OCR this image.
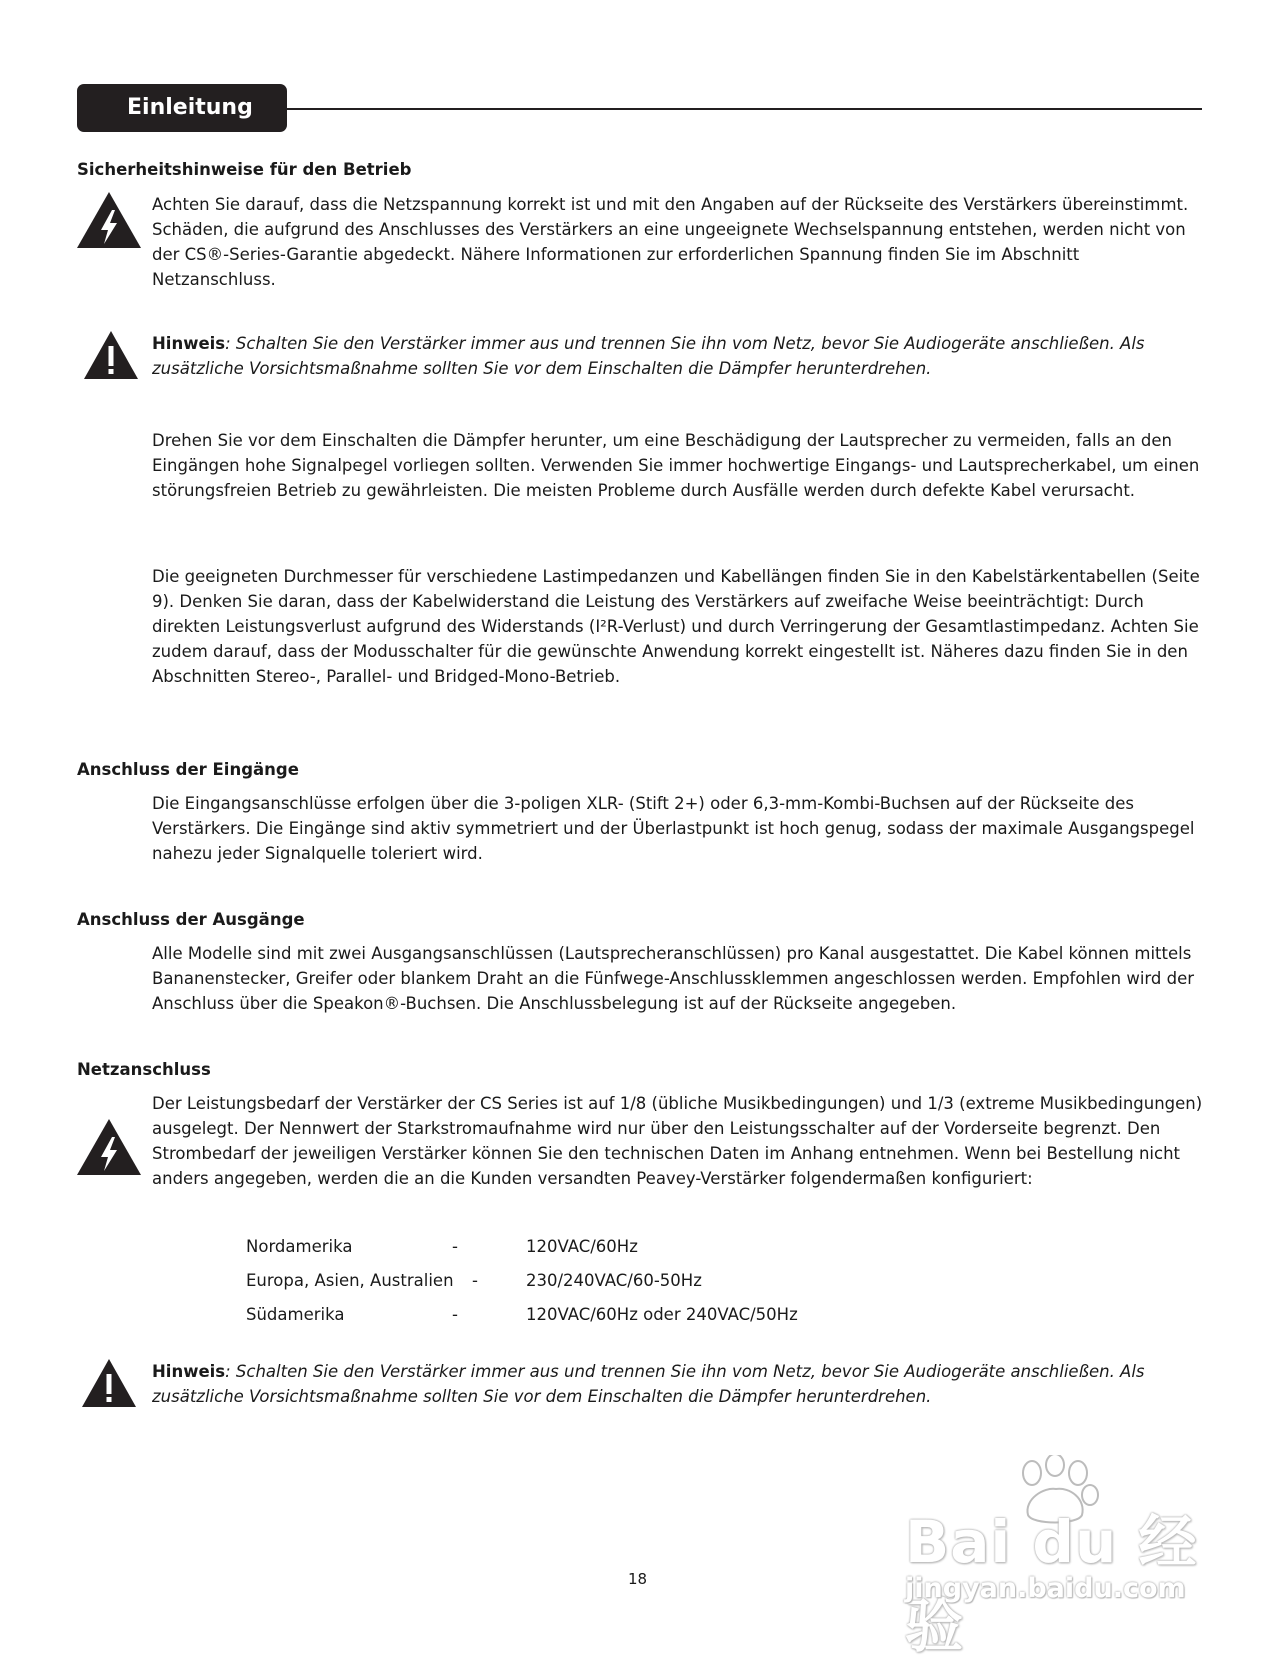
Einleitung
Sicherheitshinweise für den Betrieb

Achten Sie darauf, dass die Netzspannung korrekt ist und mit den Angaben auf der Rückseite des Verstärkers übereinstimmt. Schäden, die aufgrund des Anschlusses des Verstärkers an eine ungeeignete Wechselspannung entstehen, werden nicht von der CS®-Series-Garantie abgedeckt. Nähere Informationen zur erforderlichen Spannung finden Sie im Abschnitt Netzanschluss.

Hinweis: Schalten Sie den Verstärker immer aus und trennen Sie ihn vom Netz, bevor Sie Audiogeräte anschließen. Als zusätzliche Vorsichtsmaßnahme sollten Sie vor dem Einschalten die Dämpfer herunterdrehen.

Drehen Sie vor dem Einschalten die Dämpfer herunter, um eine Beschädigung der Lautsprecher zu vermeiden, falls an den Eingängen hohe Signalpegel vorliegen sollten. Verwenden Sie immer hochwertige Eingangs- und Lautsprecherkabel, um einen störungsfreien Betrieb zu gewährleisten. Die meisten Probleme durch Ausfälle werden durch defekte Kabel verursacht.

Die geeigneten Durchmesser für verschiedene Lastimpedanzen und Kabellängen finden Sie in den Kabelstärkentabellen (Seite 9). Denken Sie daran, dass der Kabelwiderstand die Leistung des Verstärkers auf zweifache Weise beeinträchtigt: Durch direkten Leistungsverlust aufgrund des Widerstands (I²R-Verlust) und durch Verringerung der Gesamtlastimpedanz. Achten Sie zudem darauf, dass der Modusschalter für die gewünschte Anwendung korrekt eingestellt ist. Näheres dazu finden Sie in den Abschnitten Stereo-, Parallel- und Bridged-Mono-Betrieb.

Anschluss der Eingänge

Die Eingangsanschlüsse erfolgen über die 3-poligen XLR- (Stift 2+) oder 6,3-mm-Kombi-Buchsen auf der Rückseite des Verstärkers. Die Eingänge sind aktiv symmetriert und der Überlastpunkt ist hoch genug, sodass der maximale Ausgangspegel nahezu jeder Signalquelle toleriert wird.

Anschluss der Ausgänge

Alle Modelle sind mit zwei Ausgangsanschlüssen (Lautsprecheranschlüssen) pro Kanal ausgestattet. Die Kabel können mittels Bananenstecker, Greifer oder blankem Draht an die Fünfwege-Anschlussklemmen angeschlossen werden. Empfohlen wird der Anschluss über die Speakon®-Buchsen. Die Anschlussbelegung ist auf der Rückseite angegeben.

Netzanschluss

Der Leistungsbedarf der Verstärker der CS Series ist auf 1/8 (übliche Musikbedingungen) und 1/3 (extreme Musikbedingungen) ausgelegt. Der Nennwert der Starkstromaufnahme wird nur über den Leistungsschalter auf der Vorderseite begrenzt. Den Strombedarf der jeweiligen Verstärker können Sie den technischen Daten im Anhang entnehmen. Wenn bei Bestellung nicht anders angegeben, werden die an die Kunden versandten Peavey-Verstärker folgendermaßen konfiguriert:

Nordamerika	-	120VAC/60Hz
Europa, Asien, Australien -	230/240VAC/60-50Hz
Südamerika	-	120VAC/60Hz oder 240VAC/50Hz

Hinweis: Schalten Sie den Verstärker immer aus und trennen Sie ihn vom Netz, bevor Sie Audiogeräte anschließen. Als zusätzliche Vorsichtsmaßnahme sollten Sie vor dem Einschalten die Dämpfer herunterdrehen.

18
Bai du 经验
jingyan.baidu.com
